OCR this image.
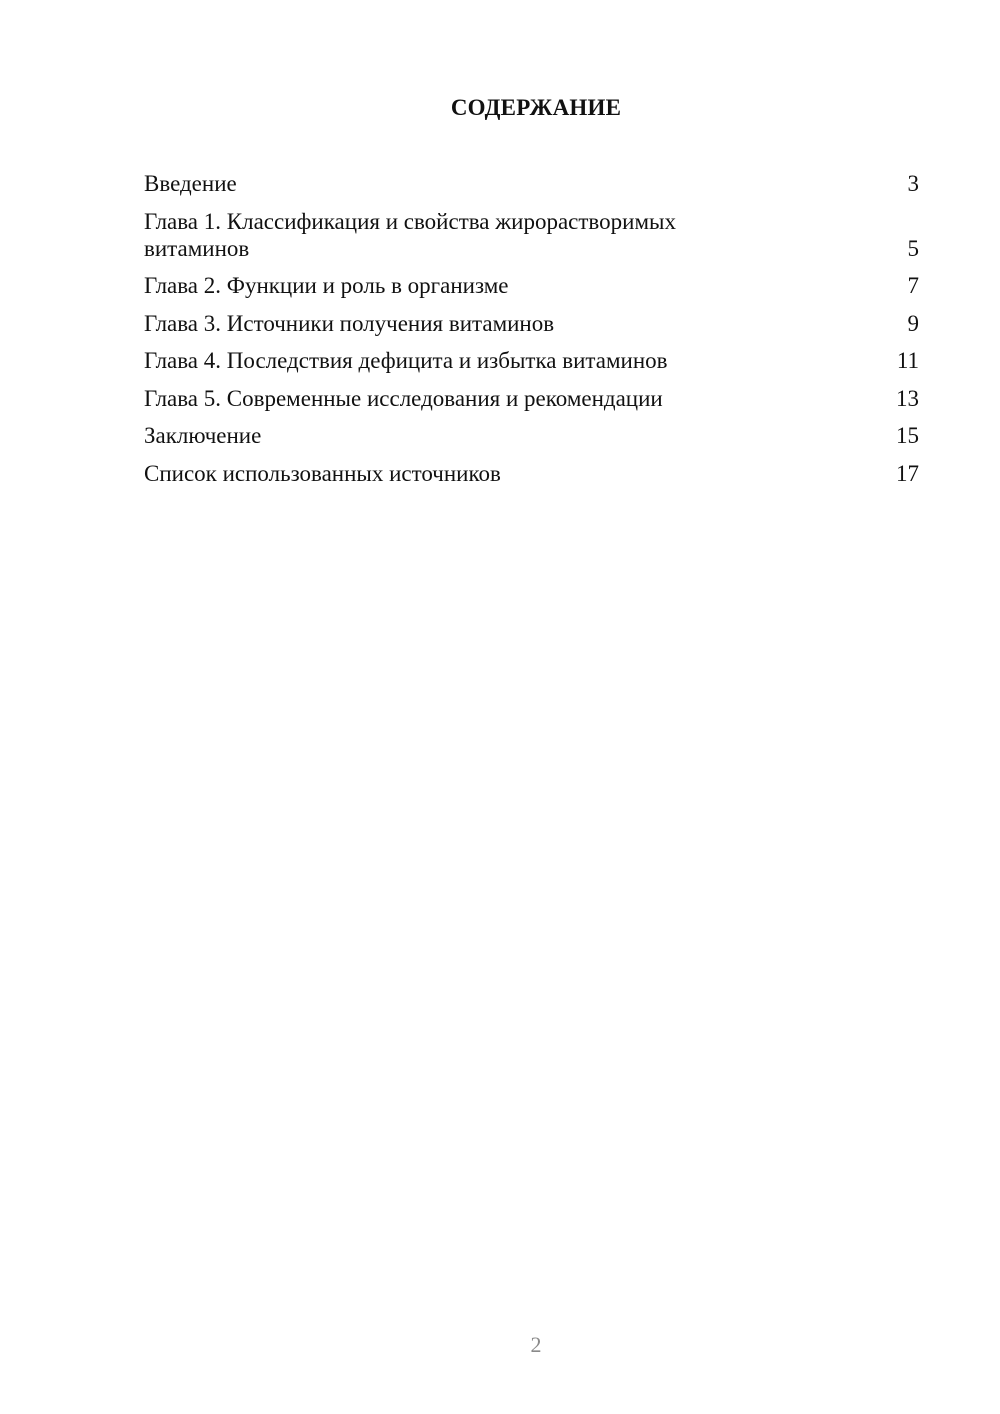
СОДЕРЖАНИЕ
Введение	3
Глава 1. Классификация и свойства жирорастворимых витаминов	5
Глава 2. Функции и роль в организме	7
Глава 3. Источники получения витаминов	9
Глава 4. Последствия дефицита и избытка витаминов	11
Глава 5. Современные исследования и рекомендации	13
Заключение	15
Список использованных источников	17
2
